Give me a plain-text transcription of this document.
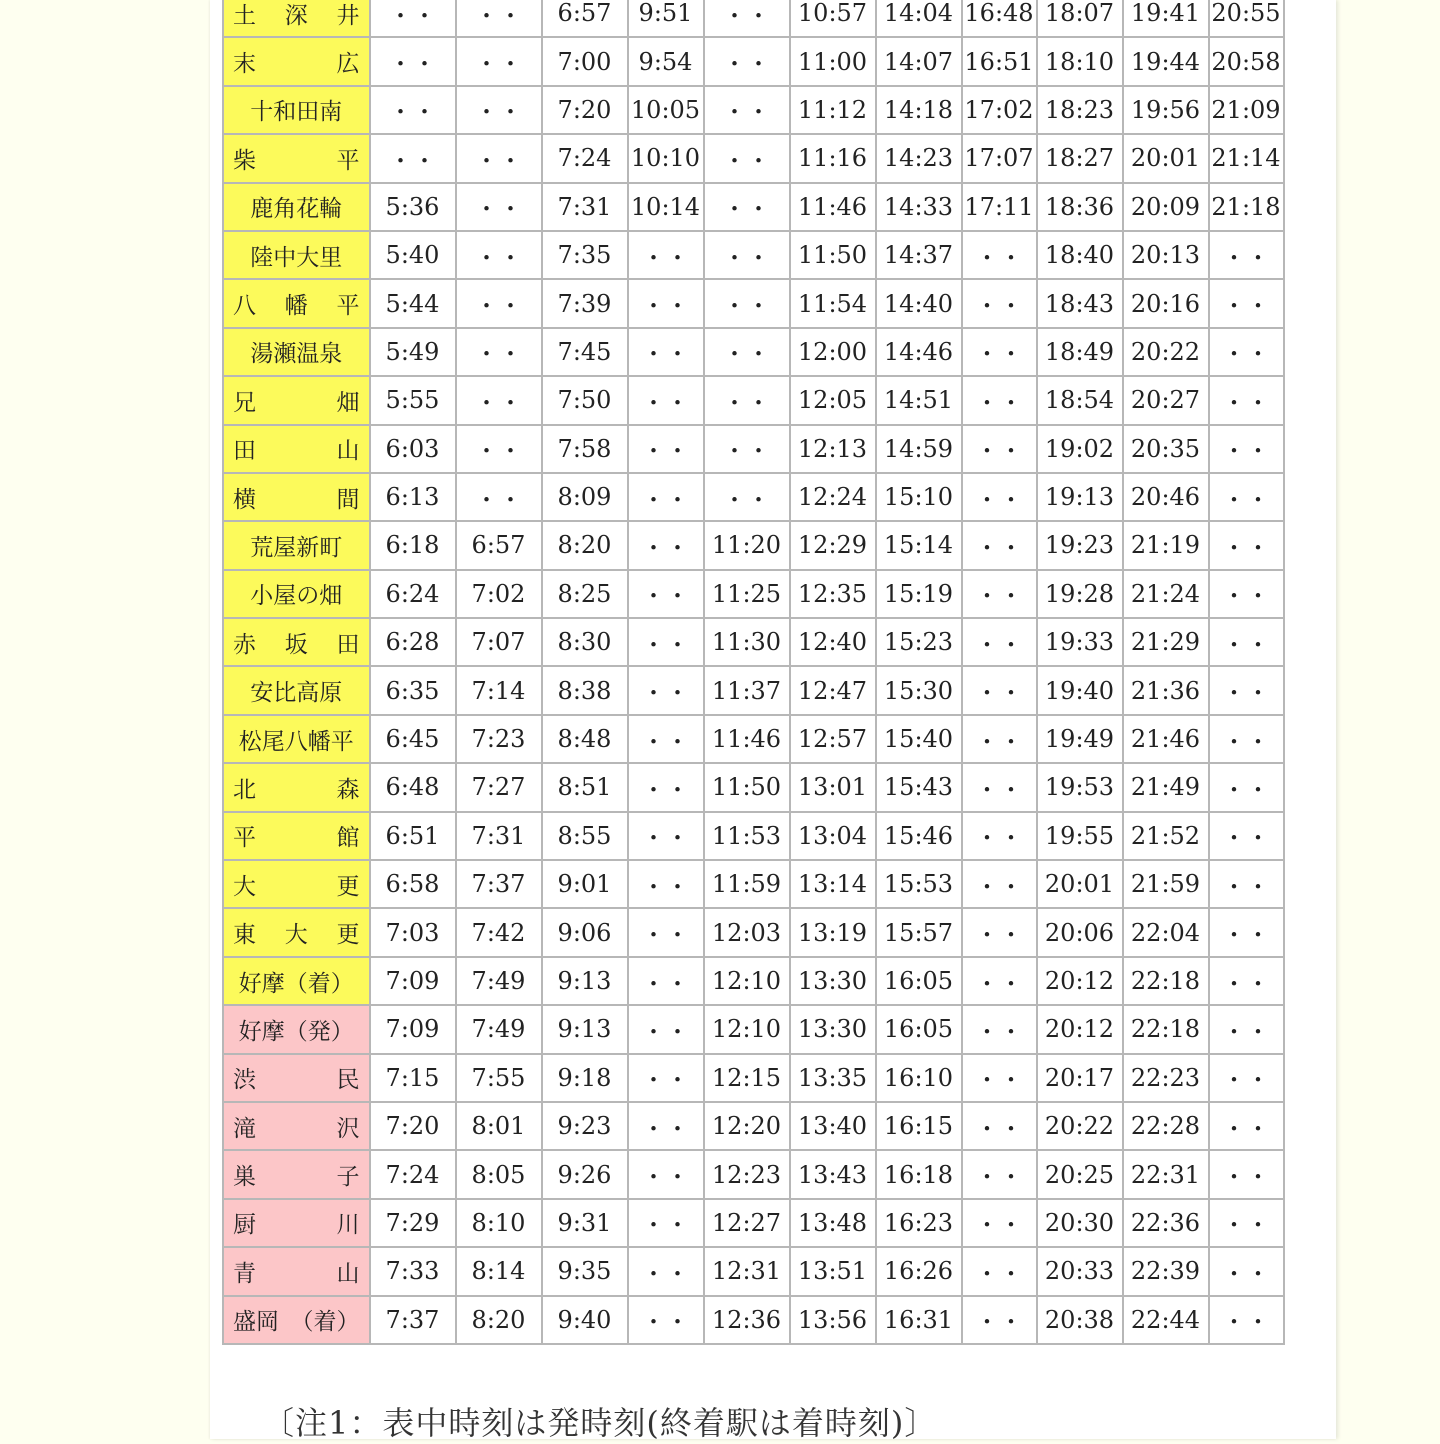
土　深　井	・・	・・	6:57	9:51	・・	10:57	14:04	16:48	18:07	19:41	20:55
末　　　広	・・	・・	7:00	9:54	・・	11:00	14:07	16:51	18:10	19:44	20:58
十和田南	・・	・・	7:20	10:05	・・	11:12	14:18	17:02	18:23	19:56	21:09
柴　　　平	・・	・・	7:24	10:10	・・	11:16	14:23	17:07	18:27	20:01	21:14
鹿角花輪	5:36	・・	7:31	10:14	・・	11:46	14:33	17:11	18:36	20:09	21:18
陸中大里	5:40	・・	7:35	・・	・・	11:50	14:37	・・	18:40	20:13	・・
八　幡　平	5:44	・・	7:39	・・	・・	11:54	14:40	・・	18:43	20:16	・・
湯瀬温泉	5:49	・・	7:45	・・	・・	12:00	14:46	・・	18:49	20:22	・・
兄　　　畑	5:55	・・	7:50	・・	・・	12:05	14:51	・・	18:54	20:27	・・
田　　　山	6:03	・・	7:58	・・	・・	12:13	14:59	・・	19:02	20:35	・・
横　　　間	6:13	・・	8:09	・・	・・	12:24	15:10	・・	19:13	20:46	・・
荒屋新町	6:18	6:57	8:20	・・	11:20	12:29	15:14	・・	19:23	21:19	・・
小屋の畑	6:24	7:02	8:25	・・	11:25	12:35	15:19	・・	19:28	21:24	・・
赤　坂　田	6:28	7:07	8:30	・・	11:30	12:40	15:23	・・	19:33	21:29	・・
安比高原	6:35	7:14	8:38	・・	11:37	12:47	15:30	・・	19:40	21:36	・・
松尾八幡平	6:45	7:23	8:48	・・	11:46	12:57	15:40	・・	19:49	21:46	・・
北　　　森	6:48	7:27	8:51	・・	11:50	13:01	15:43	・・	19:53	21:49	・・
平　　　館	6:51	7:31	8:55	・・	11:53	13:04	15:46	・・	19:55	21:52	・・
大　　　更	6:58	7:37	9:01	・・	11:59	13:14	15:53	・・	20:01	21:59	・・
東　大　更	7:03	7:42	9:06	・・	12:03	13:19	15:57	・・	20:06	22:04	・・
好摩（着）	7:09	7:49	9:13	・・	12:10	13:30	16:05	・・	20:12	22:18	・・
好摩（発）	7:09	7:49	9:13	・・	12:10	13:30	16:05	・・	20:12	22:18	・・
渋　　　民	7:15	7:55	9:18	・・	12:15	13:35	16:10	・・	20:17	22:23	・・
滝　　　沢	7:20	8:01	9:23	・・	12:20	13:40	16:15	・・	20:22	22:28	・・
巣　　　子	7:24	8:05	9:26	・・	12:23	13:43	16:18	・・	20:25	22:31	・・
厨　　　川	7:29	8:10	9:31	・・	12:27	13:48	16:23	・・	20:30	22:36	・・
青　　　山	7:33	8:14	9:35	・・	12:31	13:51	16:26	・・	20:33	22:39	・・
盛岡　（着）	7:37	8:20	9:40	・・	12:36	13:56	16:31	・・	20:38	22:44	・・
〔注1：表中時刻は発時刻(終着駅は着時刻)〕
